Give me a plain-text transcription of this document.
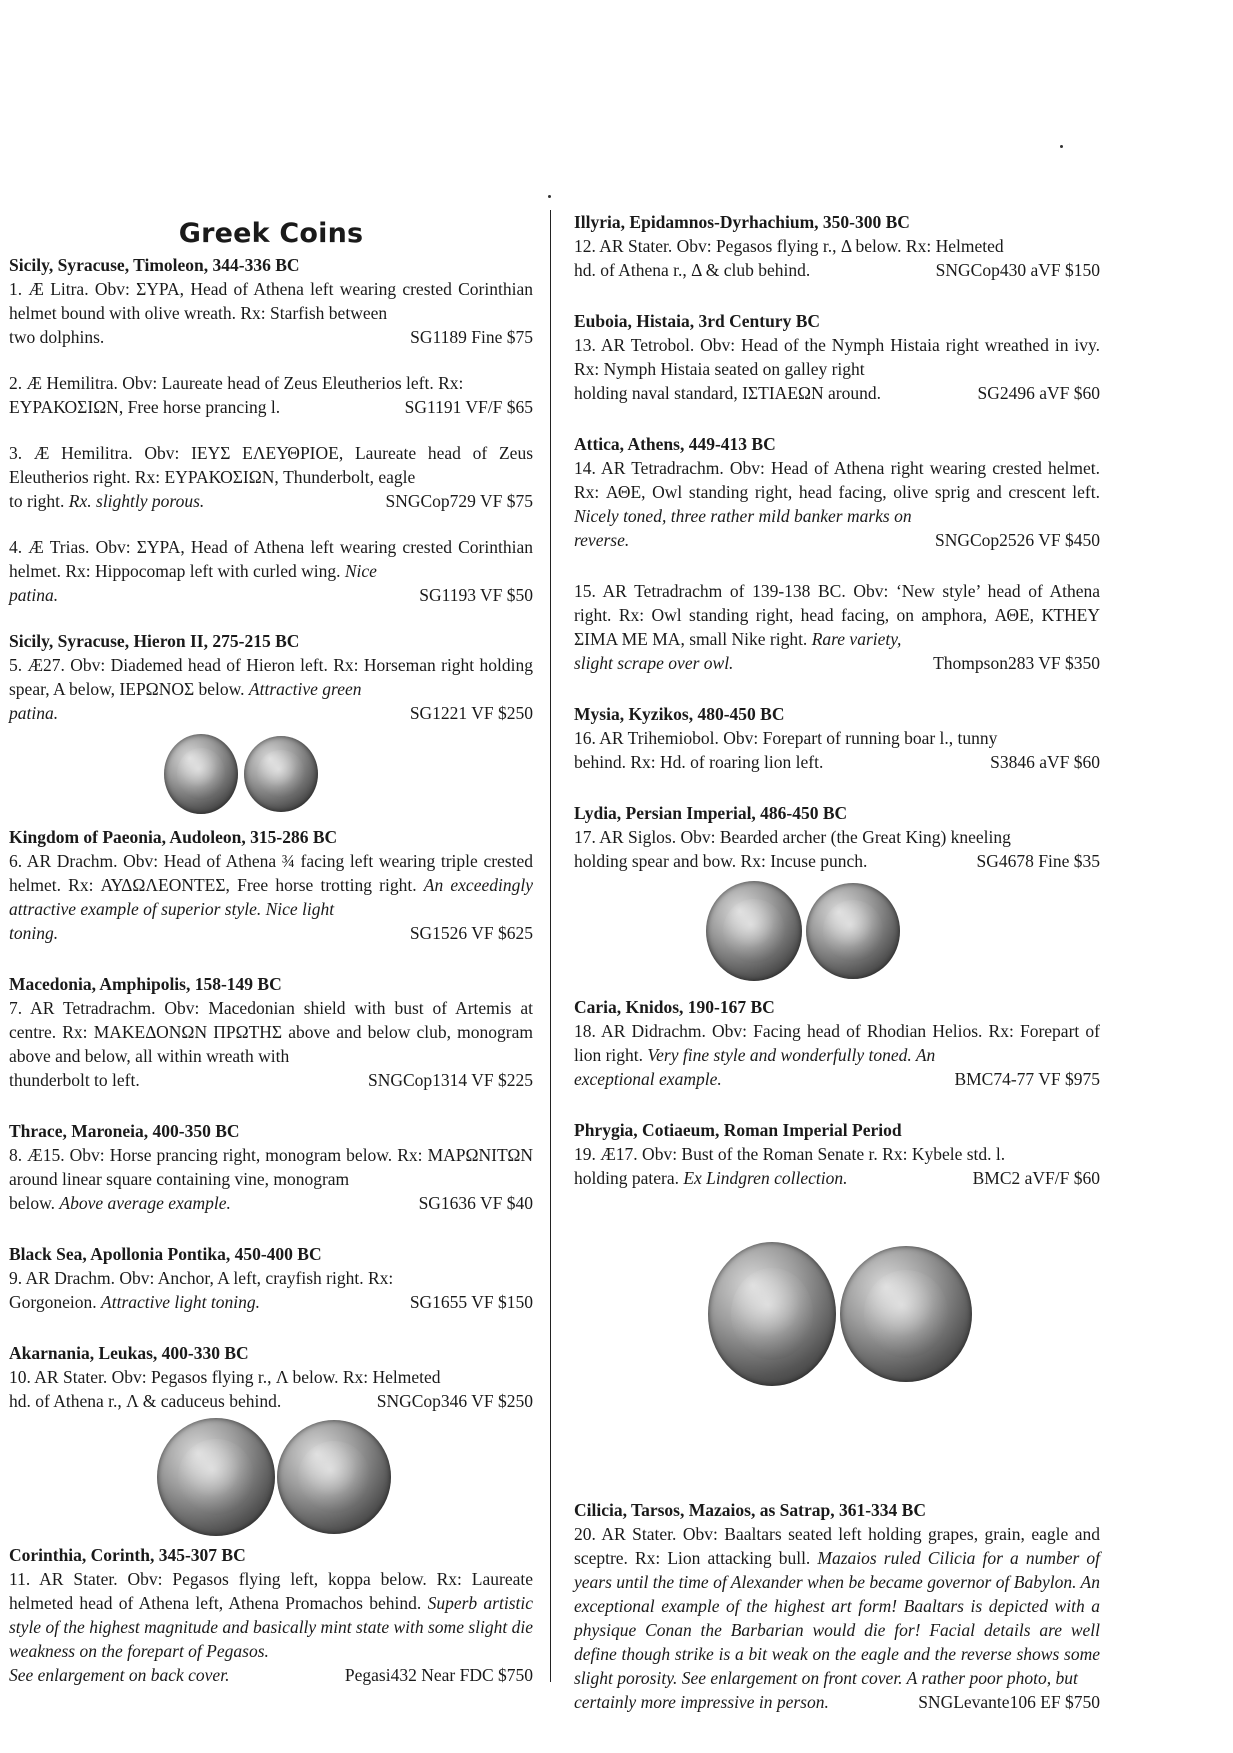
Greek Coins
Sicily, Syracuse, Timoleon, 344-336 BC
1. Æ Litra. Obv: ΣΥΡΑ, Head of Athena left wearing crested Corinthian helmet bound with olive wreath. Rx: Starfish between
two dolphins.	SG1189 Fine $75
2. Æ Hemilitra. Obv: Laureate head of Zeus Eleutherios left. Rx:
ΕΥΡΑΚΟΣΙΩΝ, Free horse prancing l.	SG1191 VF/F $65
3. Æ Hemilitra. Obv: ΙΕΥΣ ΕΛΕΥΘΡΙΟΕ, Laureate head of Zeus Eleutherios right. Rx: ΕΥΡΑΚΟΣΙΩΝ, Thunderbolt, eagle
to right. Rx. slightly porous.	SNGCop729 VF $75
4. Æ Trias. Obv: ΣΥΡΑ, Head of Athena left wearing crested Corinthian helmet. Rx: Hippocomap left with curled wing. Nice
patina.	SG1193 VF $50
Sicily, Syracuse, Hieron II, 275-215 BC
5. Æ27. Obv: Diademed head of Hieron left. Rx: Horseman right holding spear, A below, ΙΕΡΩΝΟΣ below. Attractive green
patina.	SG1221 VF $250
Kingdom of Paeonia, Audoleon, 315-286 BC
6. AR Drachm. Obv: Head of Athena ¾ facing left wearing triple crested helmet. Rx: ΑΥΔΩΛΕΟΝΤΕΣ, Free horse trotting right. An exceedingly attractive example of superior style. Nice light
toning.	SG1526 VF $625
Macedonia, Amphipolis, 158-149 BC
7. AR Tetradrachm. Obv: Macedonian shield with bust of Artemis at centre. Rx: ΜΑΚΕΔΟΝΩΝ ΠΡΩΤΗΣ above and below club, monogram above and below, all within wreath with
thunderbolt to left.	SNGCop1314 VF $225
Thrace, Maroneia, 400-350 BC
8. Æ15. Obv: Horse prancing right, monogram below. Rx: ΜΑΡΩΝΙΤΩΝ around linear square containing vine, monogram
below. Above average example.	SG1636 VF $40
Black Sea, Apollonia Pontika, 450-400 BC
9. AR Drachm. Obv: Anchor, A left, crayfish right. Rx:
Gorgoneion. Attractive light toning.	SG1655 VF $150
Akarnania, Leukas, 400-330 BC
10. AR Stater. Obv: Pegasos flying r., Λ below. Rx: Helmeted
hd. of Athena r., Λ & caduceus behind.	SNGCop346 VF $250
Corinthia, Corinth, 345-307 BC
11. AR Stater. Obv: Pegasos flying left, koppa below. Rx: Laureate helmeted head of Athena left, Athena Promachos behind. Superb artistic style of the highest magnitude and basically mint state with some slight die weakness on the forepart of Pegasos.
See enlargement on back cover.	Pegasi432 Near FDC $750
Illyria, Epidamnos-Dyrhachium, 350-300 BC
12. AR Stater. Obv: Pegasos flying r., Δ below. Rx: Helmeted
hd. of Athena r., Δ & club behind.	SNGCop430 aVF $150
Euboia, Histaia, 3rd Century BC
13. AR Tetrobol. Obv: Head of the Nymph Histaia right wreathed in ivy. Rx: Nymph Histaia seated on galley right
holding naval standard, ΙΣΤΙΑΕΩΝ around.	SG2496 aVF $60
Attica, Athens, 449-413 BC
14. AR Tetradrachm. Obv: Head of Athena right wearing crested helmet. Rx: ΑΘΕ, Owl standing right, head facing, olive sprig and crescent left. Nicely toned, three rather mild banker marks on
reverse.	SNGCop2526 VF $450
15. AR Tetradrachm of 139-138 BC. Obv: ‘New style’ head of Athena right. Rx: Owl standing right, head facing, on amphora, ΑΘΕ, ΚΤΗΕΥ ΣΙΜΑ ΜΕ ΜΑ, small Nike right. Rare variety,
slight scrape over owl.	Thompson283 VF $350
Mysia, Kyzikos, 480-450 BC
16. AR Trihemiobol. Obv: Forepart of running boar l., tunny
behind. Rx: Hd. of roaring lion left.	S3846 aVF $60
Lydia, Persian Imperial, 486-450 BC
17. AR Siglos. Obv: Bearded archer (the Great King) kneeling
holding spear and bow. Rx: Incuse punch.	SG4678 Fine $35
Caria, Knidos, 190-167 BC
18. AR Didrachm. Obv: Facing head of Rhodian Helios. Rx: Forepart of lion right. Very fine style and wonderfully toned. An
exceptional example.	BMC74-77 VF $975
Phrygia, Cotiaeum, Roman Imperial Period
19. Æ17. Obv: Bust of the Roman Senate r. Rx: Kybele std. l.
holding patera. Ex Lindgren collection.	BMC2 aVF/F $60
Cilicia, Tarsos, Mazaios, as Satrap, 361-334 BC
20. AR Stater. Obv: Baaltars seated left holding grapes, grain, eagle and sceptre. Rx: Lion attacking bull. Mazaios ruled Cilicia for a number of years until the time of Alexander when be became governor of Babylon. An exceptional example of the highest art form! Baaltars is depicted with a physique Conan the Barbarian would die for! Facial details are well define though strike is a bit weak on the eagle and the reverse shows some slight porosity. See enlargement on front cover. A rather poor photo, but
certainly more impressive in person.	SNGLevante106 EF $750
